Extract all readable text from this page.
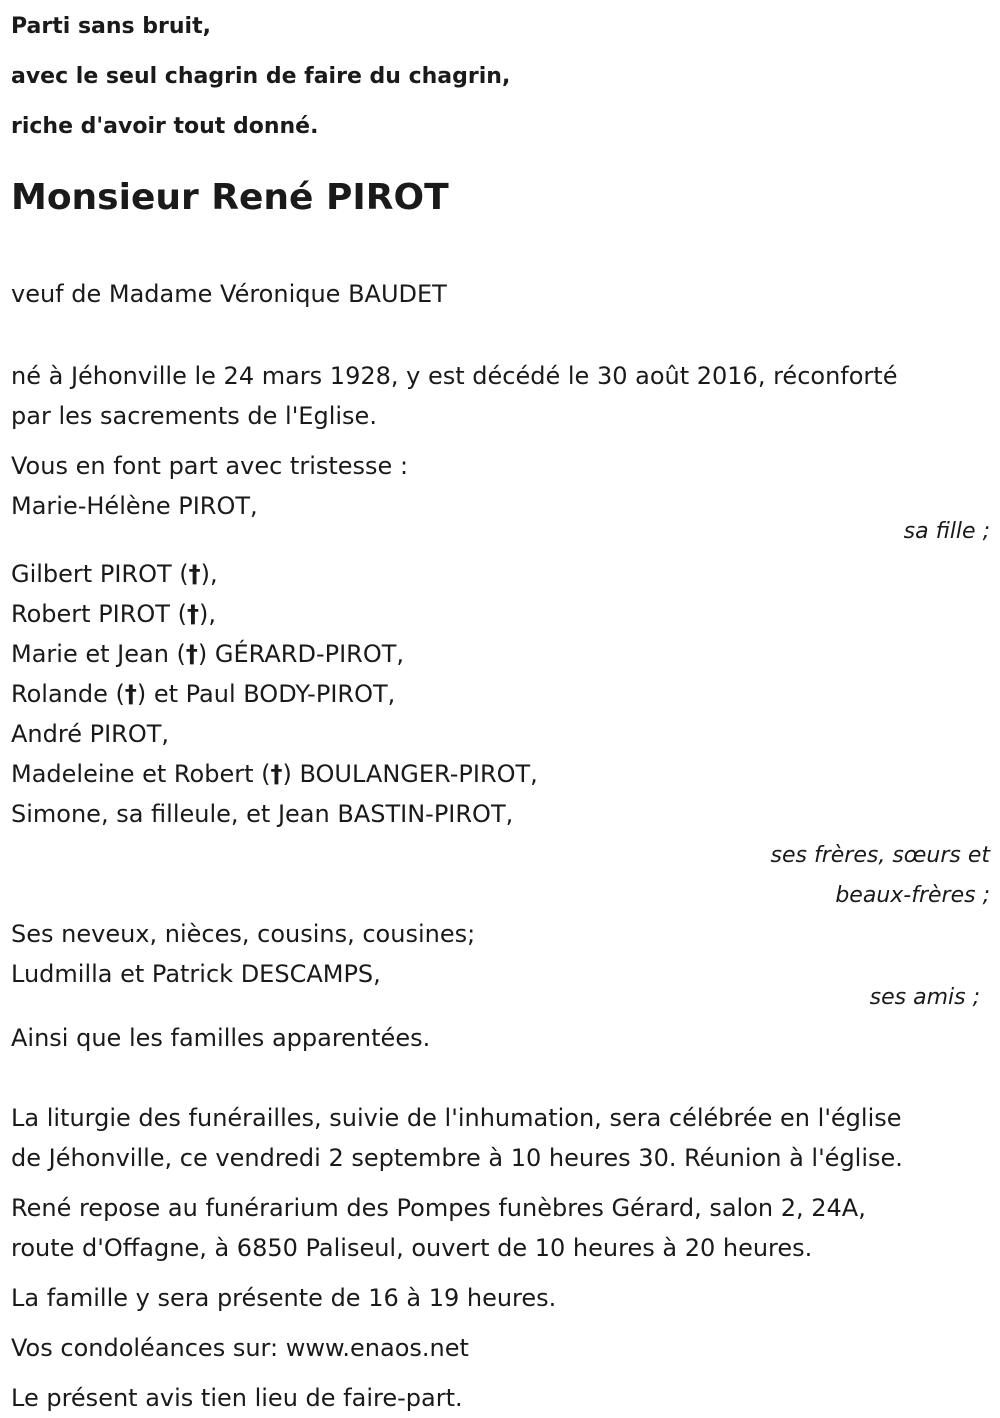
Parti sans bruit,
avec le seul chagrin de faire du chagrin,
riche d'avoir tout donné.
Monsieur René PIROT
veuf de Madame Véronique BAUDET
né à Jéhonville le 24 mars 1928, y est décédé le 30 août 2016, réconforté
par les sacrements de l'Eglise.
Vous en font part avec tristesse :
Marie-Hélène PIROT,
sa fille ;
Gilbert PIROT (†),
Robert PIROT (†),
Marie et Jean (†) GÉRARD-PIROT,
Rolande (†) et Paul BODY-PIROT,
André PIROT,
Madeleine et Robert (†) BOULANGER-PIROT,
Simone, sa filleule, et Jean BASTIN-PIROT,
ses frères, sœurs et
beaux-frères ;
Ses neveux, nièces, cousins, cousines;
Ludmilla et Patrick DESCAMPS,
ses amis ;
Ainsi que les familles apparentées.
La liturgie des funérailles, suivie de l'inhumation, sera célébrée en l'église
de Jéhonville, ce vendredi 2 septembre à 10 heures 30. Réunion à l'église.
René repose au funérarium des Pompes funèbres Gérard, salon 2, 24A,
route d'Offagne, à 6850 Paliseul, ouvert de 10 heures à 20 heures.
La famille y sera présente de 16 à 19 heures.
Vos condoléances sur: www.enaos.net
Le présent avis tien lieu de faire-part.
